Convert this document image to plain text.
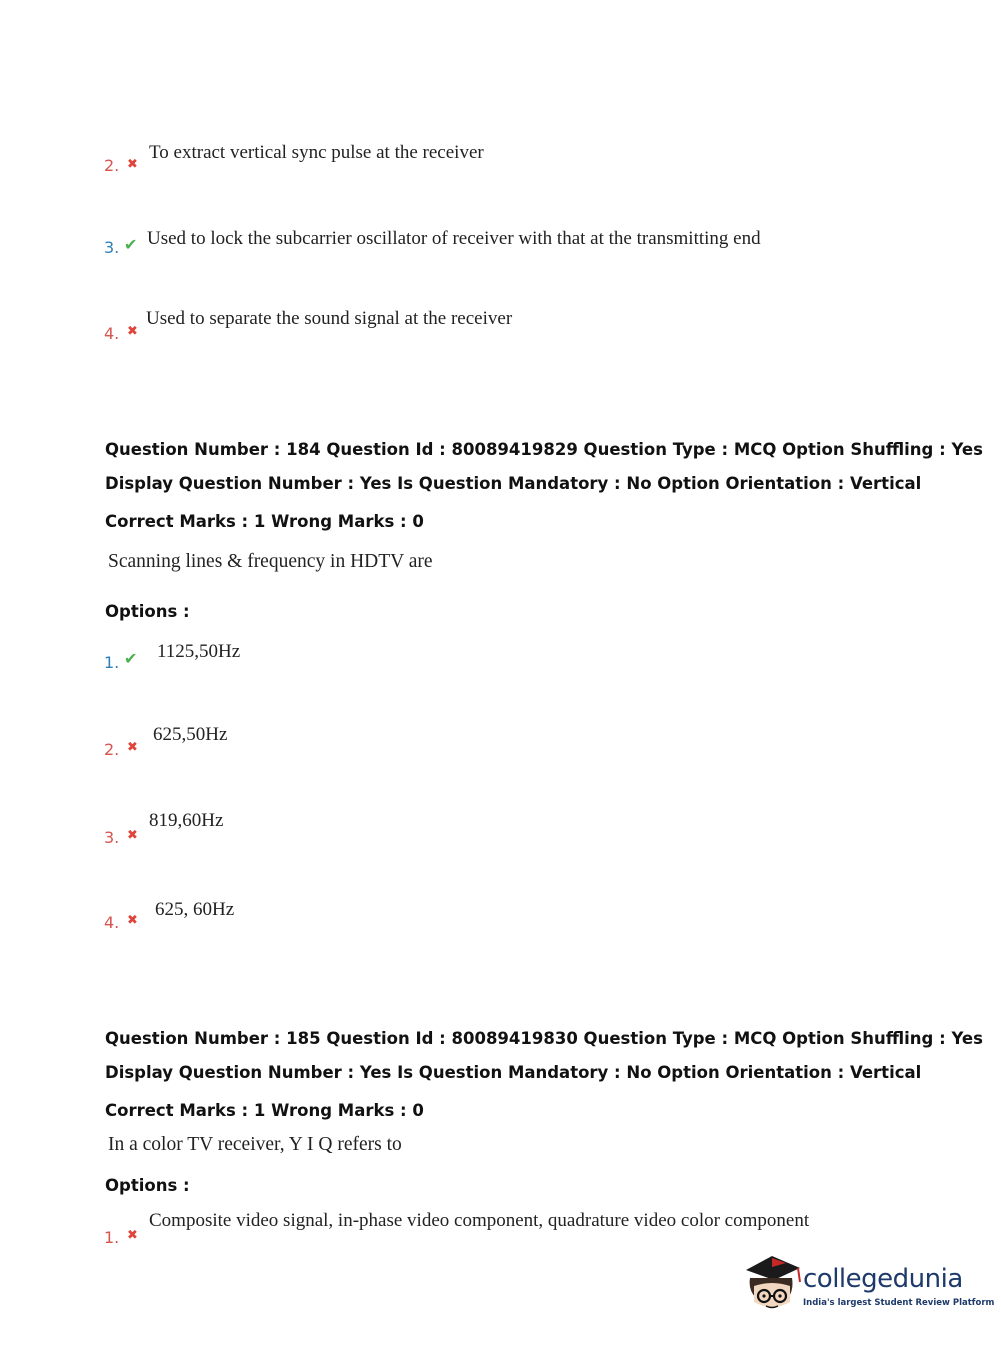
2. ✖
To extract vertical sync pulse at the receiver
3. ✔ Used to lock the subcarrier oscillator of receiver with that at the transmitting end
4. ✖
Used to separate the sound signal at the receiver
Question Number : 184 Question Id : 80089419829 Question Type : MCQ Option Shuffling : Yes
Display Question Number : Yes Is Question Mandatory : No Option Orientation : Vertical
Correct Marks : 1 Wrong Marks : 0
Scanning lines & frequency in HDTV are
Options :
1. ✔ 1125,50Hz
2. ✖
625,50Hz
3. ✖
819,60Hz
4. ✖
625, 60Hz
Question Number : 185 Question Id : 80089419830 Question Type : MCQ Option Shuffling : Yes
Display Question Number : Yes Is Question Mandatory : No Option Orientation : Vertical
Correct Marks : 1 Wrong Marks : 0
In a color TV receiver, Y I Q refers to
Options :
1. ✖
Composite video signal, in-phase video component, quadrature video color component
collegedunia
India's largest Student Review Platform
